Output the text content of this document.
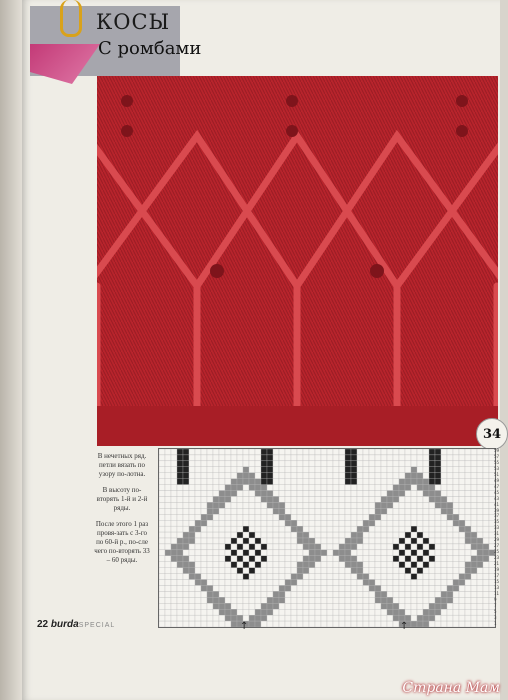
КОСЫ
С ромбами
34

В нечетных ряд. петли вязать по узору по-лотна.

В высоту по-вторять 1-й и 2-й ряды.

После этого 1 раз провя-зать с 3-го по 60-й р., по-сле чего по-вторять 33 – 60 ряды.

59
57
55
53
51
49
47
45
43
41
39
37
35
33
31
29
27
25
23
21
19
17
15
13
11
9
7
5
3
1
↑	↑
22 burdaSPECIAL
Страна Мам
